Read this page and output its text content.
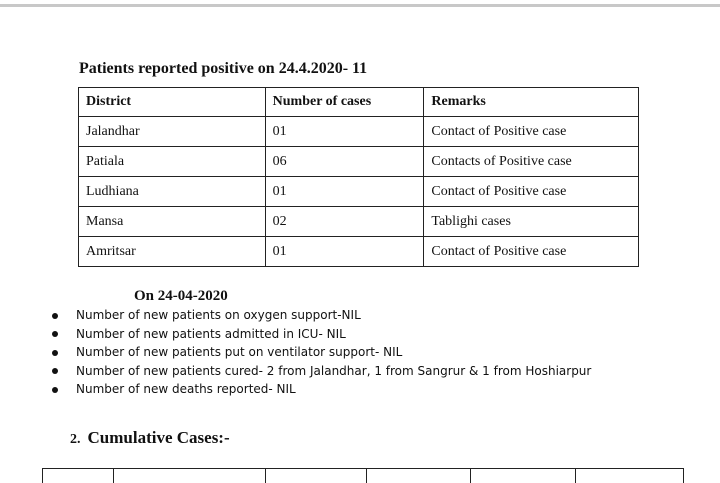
Patients reported positive on 24.4.2020- 11
District	Number of cases	Remarks
Jalandhar	01	Contact of Positive case
Patiala	06	Contacts of Positive case
Ludhiana	01	Contact of Positive case
Mansa	02	Tablighi cases
Amritsar	01	Contact of Positive case
On 24-04-2020
Number of new patients on oxygen support-NIL
Number of new patients admitted in ICU- NIL
Number of new patients put on ventilator support- NIL
Number of new patients cured- 2 from Jalandhar, 1 from Sangrur & 1 from Hoshiarpur
Number of new deaths reported- NIL
2. Cumulative Cases:-
